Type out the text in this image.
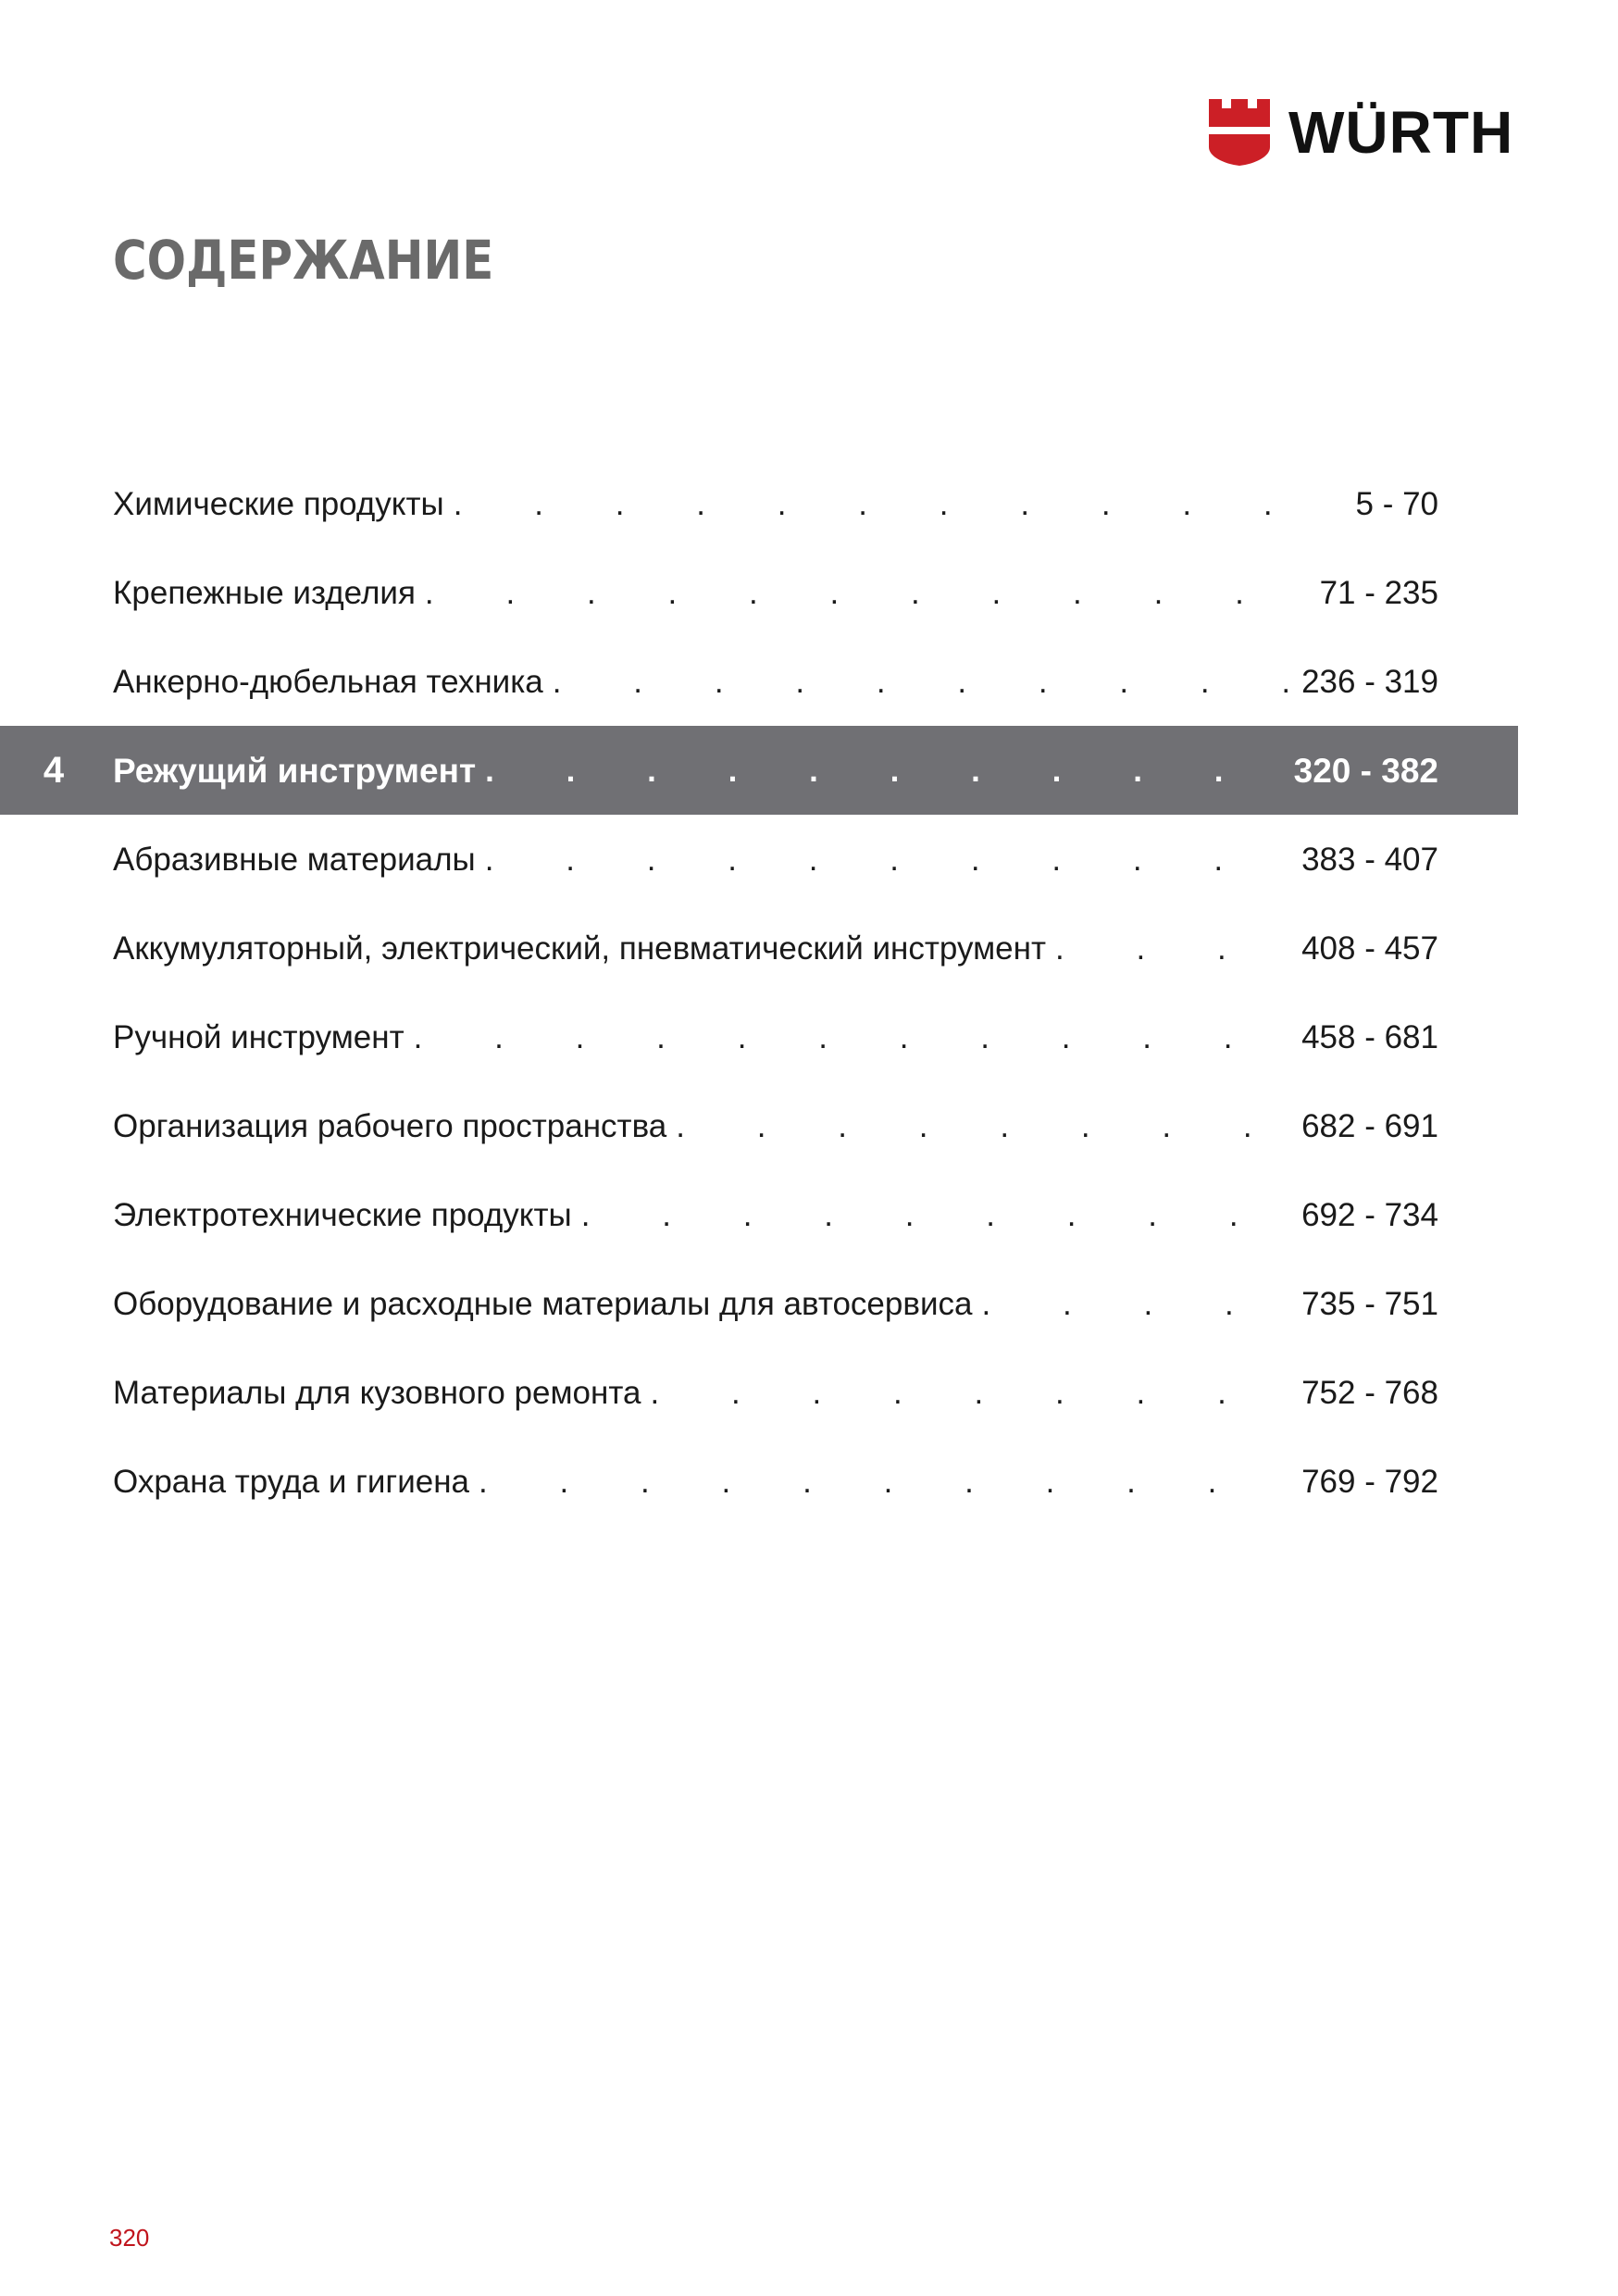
WÜRTH
СОДЕРЖАНИЕ
Химические продукты .	5 - 70
Крепежные изделия .	71 - 235
Анкерно-дюбельная техника .	236 - 319
4 Режущий инструмент .	320 - 382
Абразивные материалы .	383 - 407
Аккумуляторный, электрический, пневматический инструмент .	408 - 457
Ручной инструмент .	458 - 681
Организация рабочего пространства .	682 - 691
Электротехнические продукты .	692 - 734
Оборудование и расходные материалы для автосервиса .	735 - 751
Материалы для кузовного ремонта .	752 - 768
Охрана труда и гигиена .	769 - 792
320
